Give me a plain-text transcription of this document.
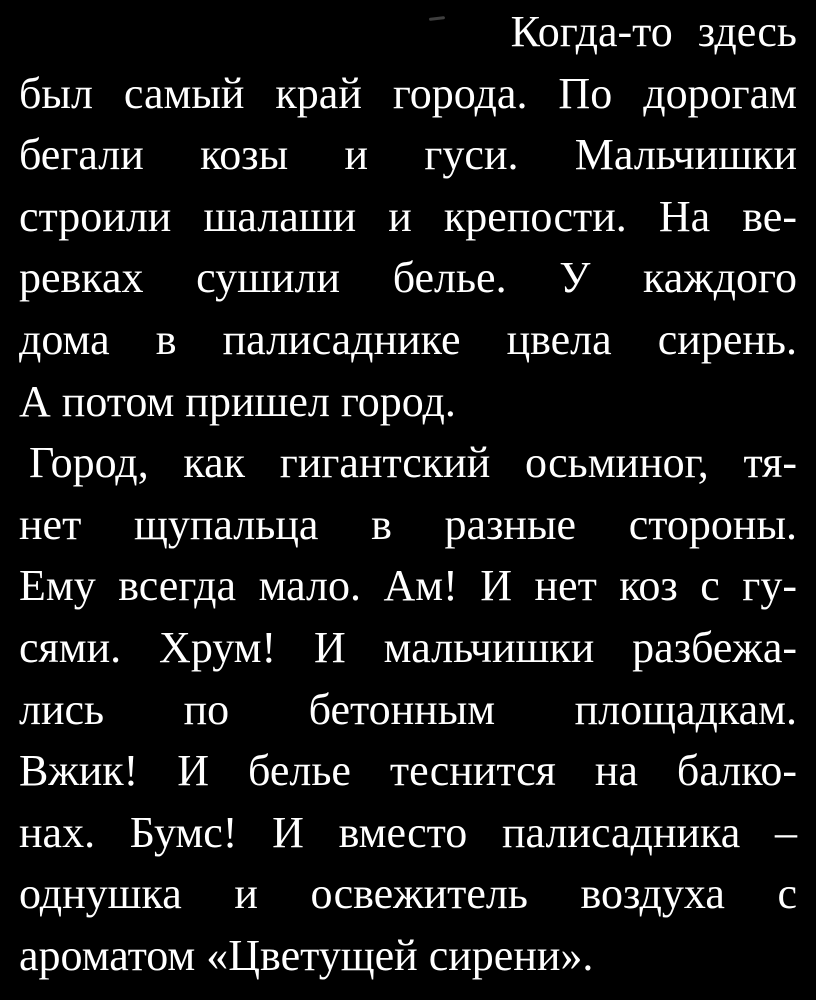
Когда-то здесь
был самый край города. По дорогам
бегали козы и гуси. Мальчишки
строили шалаши и крепости. На ве-
ревках сушили белье. У каждого
дома в палисаднике цвела сирень.
А потом пришел город.
Город, как гигантский осьминог, тя-
нет щупальца в разные стороны.
Ему всегда мало. Ам! И нет коз с гу-
сями. Хрум! И мальчишки разбежа-
лись по бетонным площадкам.
Вжик! И белье теснится на балко-
нах. Бумс! И вместо палисадника –
однушка и освежитель воздуха с
ароматом «Цветущей сирени».
